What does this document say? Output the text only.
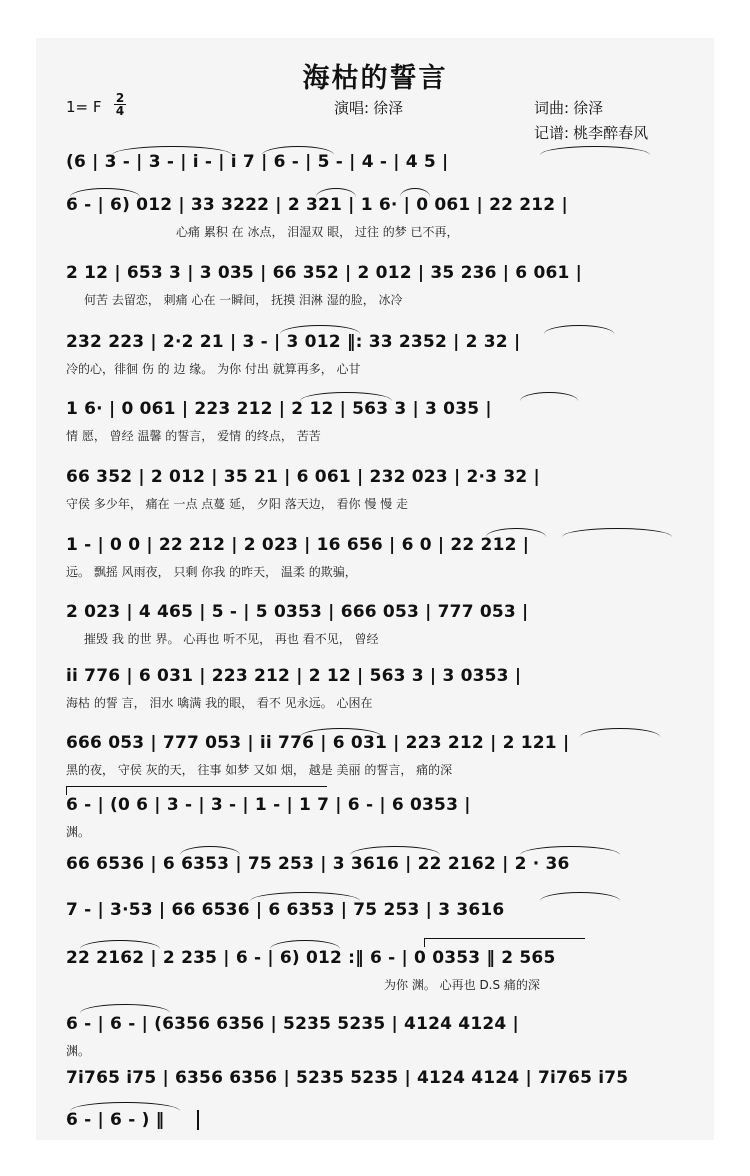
海枯的誓言
1= F 2
4	演唱: 徐泽	词曲: 徐泽
记谱: 桃李醉春风
(6 | 3 - | 3 - | i - | i 7 | 6 - | 5 - | 4 - | 4 5 |
6 - | 6) 012 | 33 3222 | 2 321 | 1 6· | 0 061 | 22 212 |
心痛 累积 在 冰点， 泪湿双 眼， 过往 的梦 已不再，
2 12 | 653 3 | 3 035 | 66 352 | 2 012 | 35 236 | 6 061 |
何苦 去留恋， 刺痛 心在 一瞬间， 抚摸 泪淋 湿的脸， 冰冷
232 223 | 2·2 21 | 3 - | 3 012 ‖: 33 2352 | 2 32 |
冷的心，徘徊 伤 的 边 缘。 为你 付出 就算再多， 心甘
1 6· | 0 061 | 223 212 | 2 12 | 563 3 | 3 035 |
情 愿， 曾经 温馨 的誓言， 爱情 的终点， 苦苦
66 352 | 2 012 | 35 21 | 6 061 | 232 023 | 2·3 32 |
守侯 多少年， 痛在 一点 点蔓 延， 夕阳 落天边， 看你 慢 慢 走
1 - | 0 0 | 22 212 | 2 023 | 16 656 | 6 0 | 22 212 |
远。 飘摇 风雨夜， 只剩 你我 的昨天， 温柔 的欺骗，
2 023 | 4 465 | 5 - | 5 0353 | 666 053 | 777 053 |
摧毁 我 的世 界。 心再也 听不见， 再也 看不见， 曾经
ii 776 | 6 031 | 223 212 | 2 12 | 563 3 | 3 0353 |
海枯 的誓 言， 泪水 噙满 我的眼， 看不 见永远。 心困在
666 053 | 777 053 | ii 776 | 6 031 | 223 212 | 2 121 |
黑的夜， 守侯 灰的天， 往事 如梦 又如 烟， 越是 美丽 的誓言， 痛的深
6 - | (0 6 | 3 - | 3 - | 1 - | 1 7 | 6 - | 6 0353 |
渊。
66 6536 | 6 6353 | 75 253 | 3 3616 | 22 2162 | 2 · 36
7 - | 3·53 | 66 6536 | 6 6353 | 75 253 | 3 3616
22 2162 | 2 235 | 6 - | 6) 012 :‖ 6 - | 0 0353 ‖ 2 565
为你 渊。 心再也 D.S 痛的深
6 - | 6 - | (6356 6356 | 5235 5235 | 4124 4124 |
渊。
7i765 i75 | 6356 6356 | 5235 5235 | 4124 4124 | 7i765 i75
6 - | 6 - ) ‖
